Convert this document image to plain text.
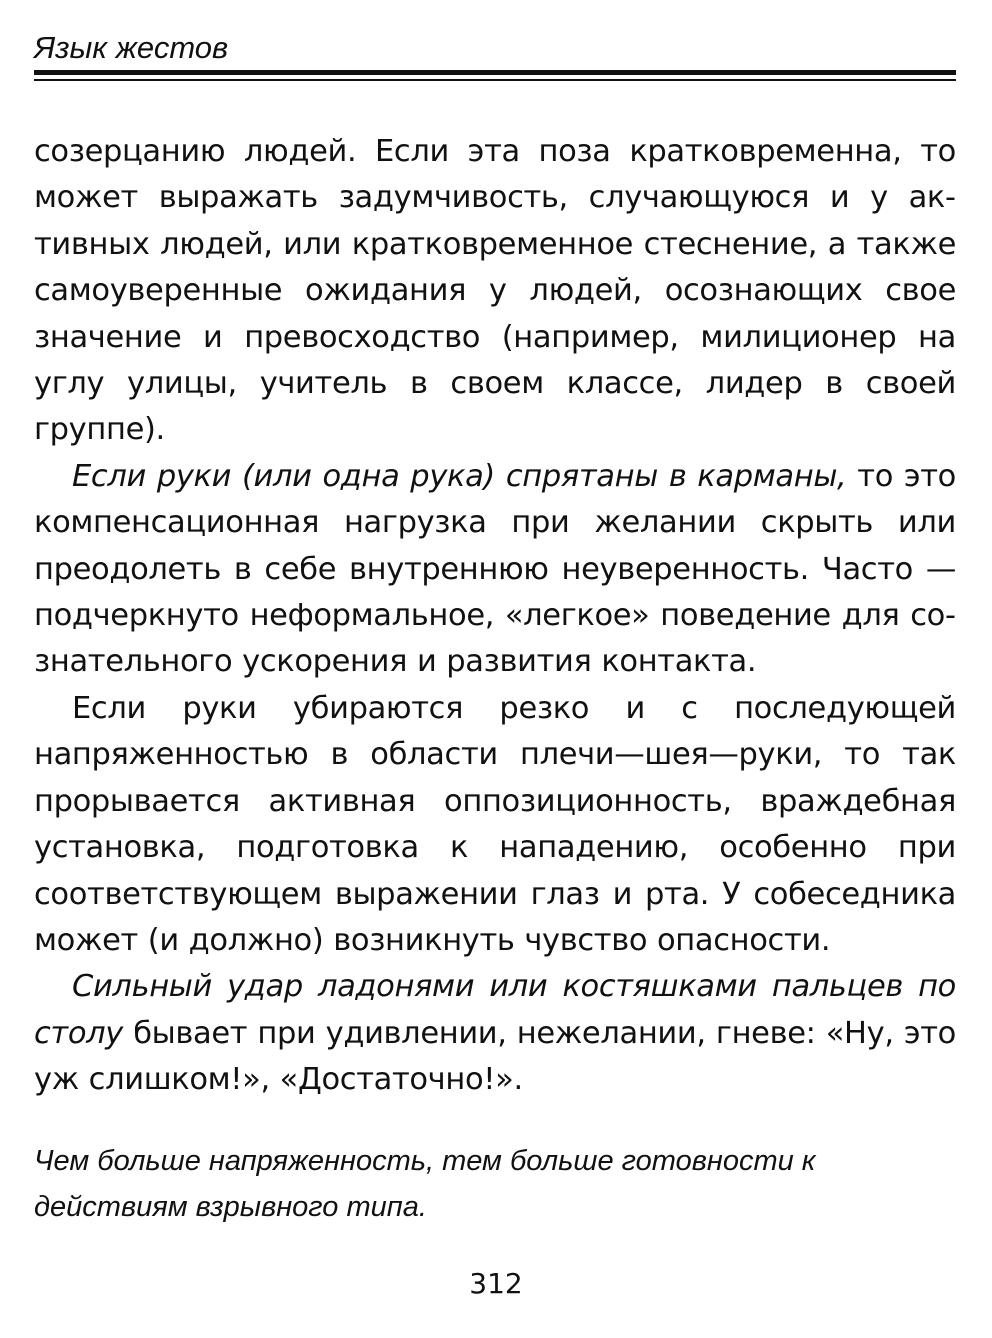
Язык жестов

созерцанию людей. Если эта поза кратковременна, то может выражать задумчивость, случающуюся и у активных людей, или кратковременное стеснение, а также самоуверенные ожидания у людей, осознающих свое значение и превосходство (например, милиционер на углу улицы, учитель в своем классе, лидер в своей группе).

Если руки (или одна рука) спрятаны в карманы, то это компенсационная нагрузка при желании скрыть или преодолеть в себе внутреннюю неуверенность. Часто — подчеркнуто неформальное, «легкое» поведение для сознательного ускорения и развития контакта.

Если руки убираются резко и с последующей напряженностью в области плечи—шея—руки, то так прорывается активная оппозиционность, враждебная установка, подготовка к нападению, особенно при соответствующем выражении глаз и рта. У собеседника может (и должно) возникнуть чувство опасности.

Сильный удар ладонями или костяшками пальцев по столу бывает при удивлении, нежелании, гневе: «Ну, это уж слишком!», «Достаточно!».

Чем больше напряженность, тем больше готовности к действиям взрывного типа.

312
